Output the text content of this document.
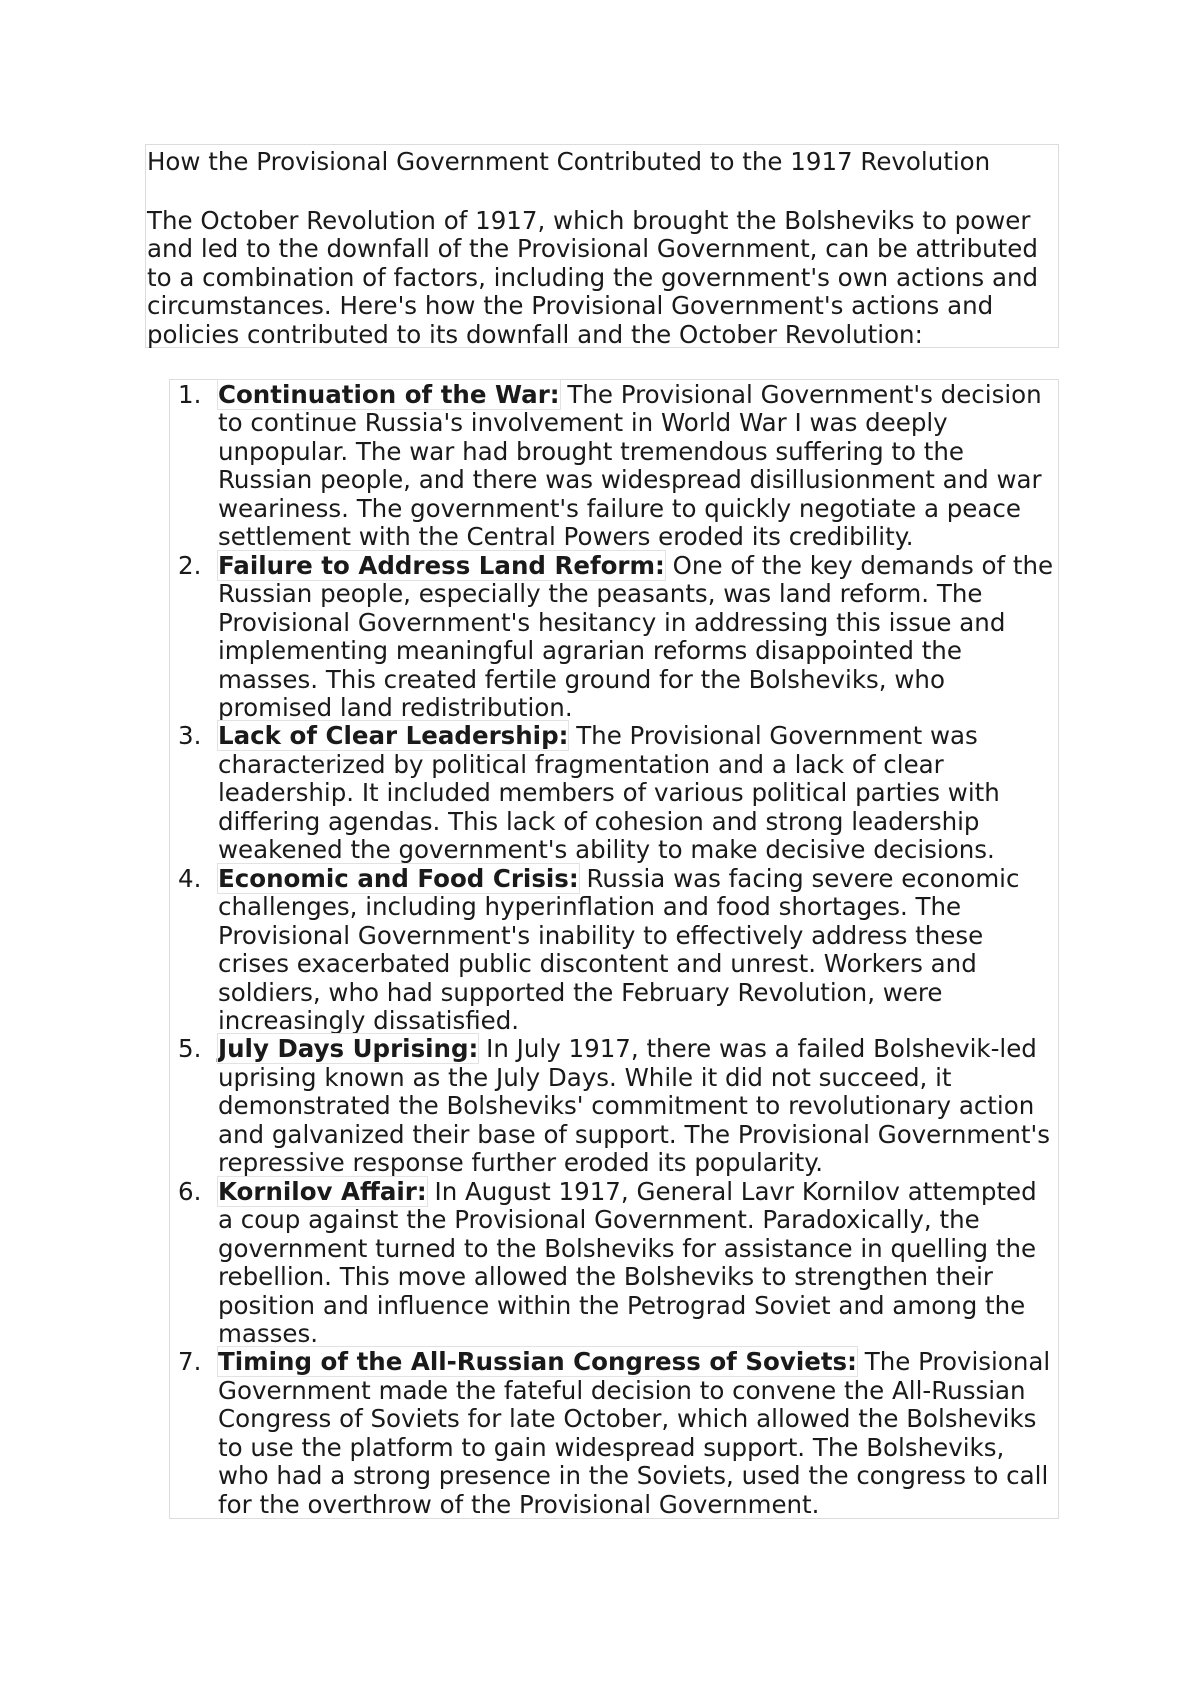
How the Provisional Government Contributed to the 1917 Revolution

The October Revolution of 1917, which brought the Bolsheviks to power and led to the downfall of the Provisional Government, can be attributed to a combination of factors, including the government's own actions and circumstances. Here's how the Provisional Government's actions and policies contributed to its downfall and the October Revolution:

1. Continuation of the War: The Provisional Government's decision to continue Russia's involvement in World War I was deeply unpopular. The war had brought tremendous suffering to the Russian people, and there was widespread disillusionment and war weariness. The government's failure to quickly negotiate a peace settlement with the Central Powers eroded its credibility.
2. Failure to Address Land Reform: One of the key demands of the Russian people, especially the peasants, was land reform. The Provisional Government's hesitancy in addressing this issue and implementing meaningful agrarian reforms disappointed the masses. This created fertile ground for the Bolsheviks, who promised land redistribution.
3. Lack of Clear Leadership: The Provisional Government was characterized by political fragmentation and a lack of clear leadership. It included members of various political parties with differing agendas. This lack of cohesion and strong leadership weakened the government's ability to make decisive decisions.
4. Economic and Food Crisis: Russia was facing severe economic challenges, including hyperinflation and food shortages. The Provisional Government's inability to effectively address these crises exacerbated public discontent and unrest. Workers and soldiers, who had supported the February Revolution, were increasingly dissatisfied.
5. July Days Uprising: In July 1917, there was a failed Bolshevik-led uprising known as the July Days. While it did not succeed, it demonstrated the Bolsheviks' commitment to revolutionary action and galvanized their base of support. The Provisional Government's repressive response further eroded its popularity.
6. Kornilov Affair: In August 1917, General Lavr Kornilov attempted a coup against the Provisional Government. Paradoxically, the government turned to the Bolsheviks for assistance in quelling the rebellion. This move allowed the Bolsheviks to strengthen their position and influence within the Petrograd Soviet and among the masses.
7. Timing of the All-Russian Congress of Soviets: The Provisional Government made the fateful decision to convene the All-Russian Congress of Soviets for late October, which allowed the Bolsheviks to use the platform to gain widespread support. The Bolsheviks, who had a strong presence in the Soviets, used the congress to call for the overthrow of the Provisional Government.
